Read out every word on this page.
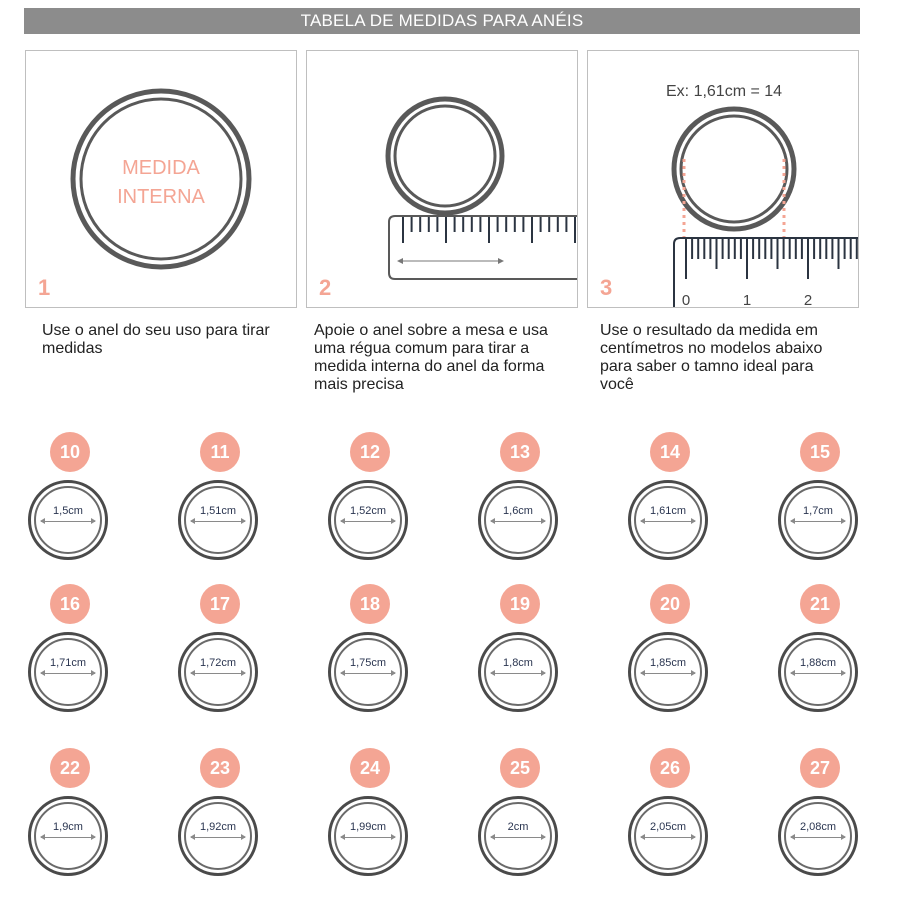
TABELA DE MEDIDAS PARA ANÉIS
MEDIDA
INTERNA
1	2
Ex: 1,61cm = 14
0	1	2
3
Use o anel do seu uso para tirar medidas
Apoie o anel sobre a mesa e usa uma régua comum para tirar a medida interna do anel da forma mais precisa
Use o resultado da medida em centímetros no modelos abaixo para saber o tamno ideal para você
10
1,5cm
11
1,51cm
12
1,52cm
13
1,6cm
14
1,61cm
15
1,7cm
16
1,71cm
17
1,72cm
18
1,75cm
19
1,8cm
20
1,85cm
21
1,88cm
22
1,9cm
23
1,92cm
24
1,99cm
25
2cm
26
2,05cm
27
2,08cm
